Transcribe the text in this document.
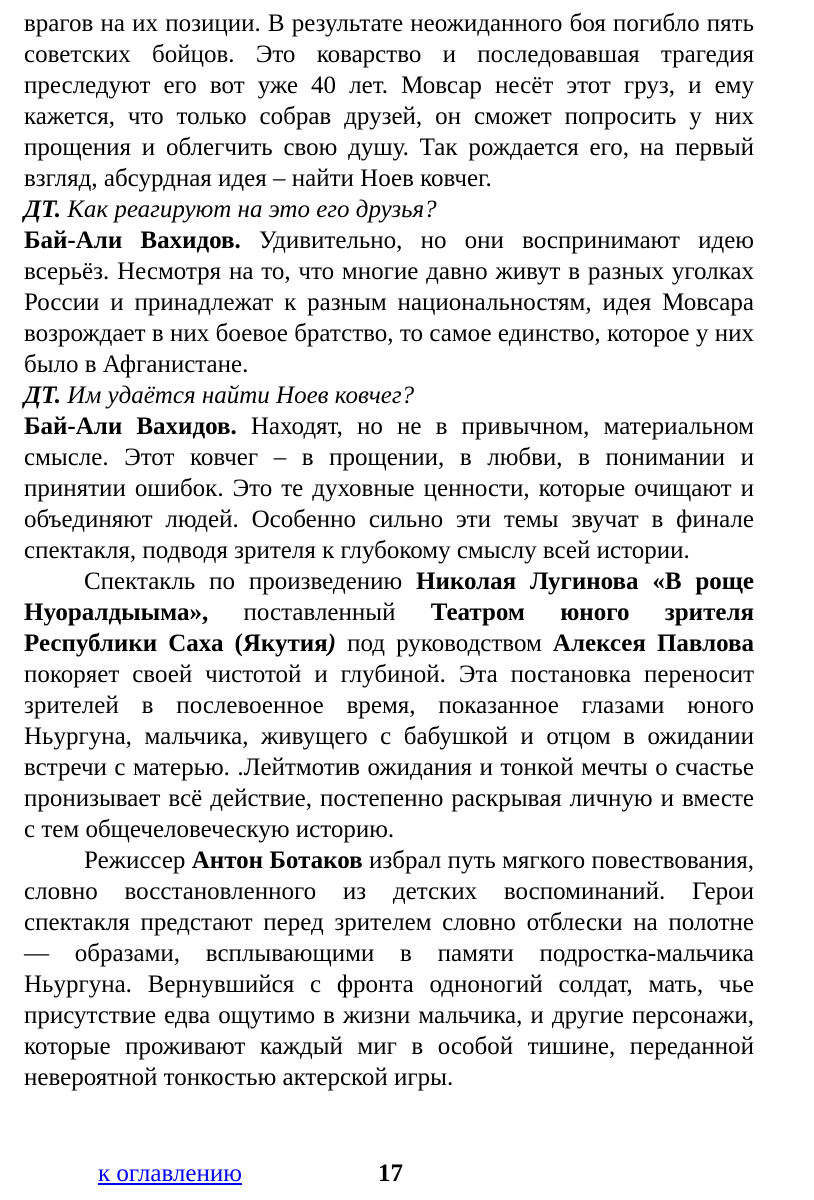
врагов на их позиции. В результате неожиданного боя погибло пять советских бойцов. Это коварство и последовавшая трагедия преследуют его вот уже 40 лет. Мовсар несёт этот груз, и ему кажется, что только собрав друзей, он сможет попросить у них прощения и облегчить свою душу. Так рождается его, на первый взгляд, абсурдная идея – найти Ноев ковчег.

ДТ. Как реагируют на это его друзья?

Бай-Али Вахидов. Удивительно, но они воспринимают идею всерьёз. Несмотря на то, что многие давно живут в разных уголках России и принадлежат к разным национальностям, идея Мовсара возрождает в них боевое братство, то самое единство, которое у них было в Афганистане.

ДТ. Им удаётся найти Ноев ковчег?

Бай-Али Вахидов. Находят, но не в привычном, материальном смысле. Этот ковчег – в прощении, в любви, в понимании и принятии ошибок. Это те духовные ценности, которые очищают и объединяют людей. Особенно сильно эти темы звучат в финале спектакля, подводя зрителя к глубокому смыслу всей истории.

Спектакль по произведению Николая Лугинова «В роще Нуоралдыыма», поставленный Театром юного зрителя Республики Саха (Якутия) под руководством Алексея Павлова покоряет своей чистотой и глубиной. Эта постановка переносит зрителей в послевоенное время, показанное глазами юного Ньургуна, мальчика, живущего с бабушкой и отцом в ожидании встречи с матерью. .Лейтмотив ожидания и тонкой мечты о счастье пронизывает всё действие, постепенно раскрывая личную и вместе с тем общечеловеческую историю.

Режиссер Антон Ботаков избрал путь мягкого повествования, словно восстановленного из детских воспоминаний. Герои спектакля предстают перед зрителем словно отблески на полотне — образами, всплывающими в памяти подростка-мальчика Ньургуна. Вернувшийся с фронта одноногий солдат, мать, чье присутствие едва ощутимо в жизни мальчика, и другие персонажи, которые проживают каждый миг в особой тишине, переданной невероятной тонкостью актерской игры.

к оглавлению	17
